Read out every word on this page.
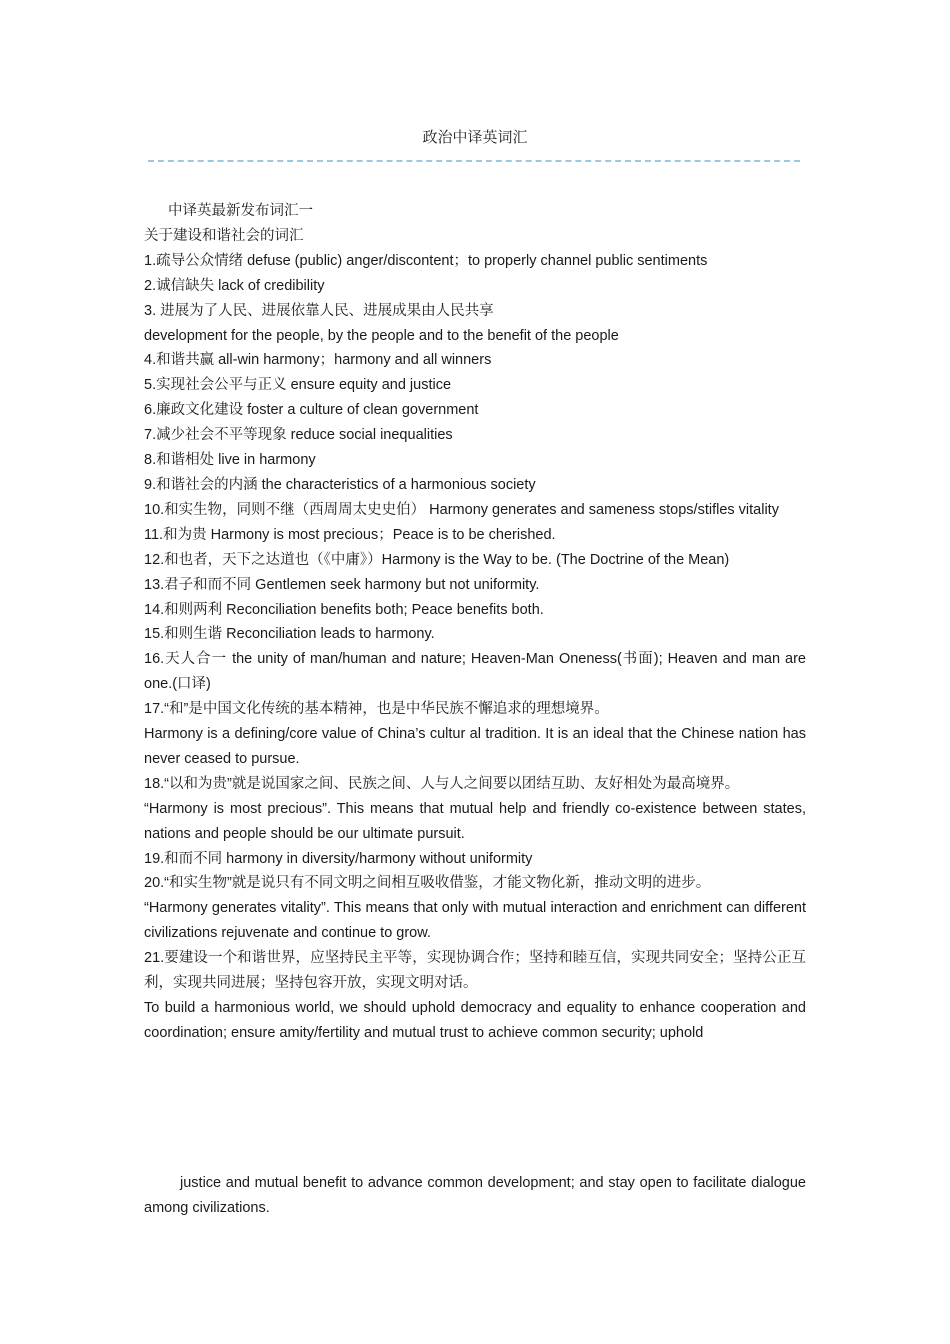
政治中译英词汇

中译英最新发布词汇一

关于建设和谐社会的词汇

1.疏导公众情绪 defuse (public) anger/discontent；to properly channel public sentiments

2.诚信缺失 lack of credibility

3. 进展为了人民、进展依靠人民、进展成果由人民共享

development for the people, by the people and to the benefit of the people

4.和谐共赢 all-win harmony；harmony and all winners

5.实现社会公平与正义 ensure equity and justice

6.廉政文化建设 foster a culture of clean government

7.减少社会不平等现象 reduce social inequalities

8.和谐相处 live in harmony

9.和谐社会的内涵 the characteristics of a harmonious society

10.和实生物，同则不继（西周周太史史伯） Harmony generates and sameness stops/stifles vitality

11.和为贵 Harmony is most precious；Peace is to be cherished.

12.和也者，天下之达道也（《中庸》）Harmony is the Way to be. (The Doctrine of the Mean)

13.君子和而不同 Gentlemen seek harmony but not uniformity.

14.和则两利 Reconciliation benefits both; Peace benefits both.

15.和则生谐 Reconciliation leads to harmony.

16.天人合一 the unity of man/human and nature; Heaven-Man Oneness(书面); Heaven and man are one.(口译)

17.“和”是中国文化传统的基本精神，也是中华民族不懈追求的理想境界。

Harmony is a defining/core value of China’s cultur al tradition. It is an ideal that the Chinese nation has never ceased to pursue.

18.“以和为贵”就是说国家之间、民族之间、人与人之间要以团结互助、友好相处为最高境界。

“Harmony is most precious”. This means that mutual help and friendly co-existence between states, nations and people should be our ultimate pursuit.

19.和而不同 harmony in diversity/harmony without uniformity

20.“和实生物”就是说只有不同文明之间相互吸收借鉴，才能文物化新，推动文明的进步。

“Harmony generates vitality”. This means that only with mutual interaction and enrichment can different civilizations rejuvenate and continue to grow.

21.要建设一个和谐世界，应坚持民主平等，实现协调合作；坚持和睦互信，实现共同安全；坚持公正互利，实现共同进展；坚持包容开放，实现文明对话。

To build a harmonious world, we should uphold democracy and equality to enhance cooperation and coordination; ensure amity/fertility and mutual trust to achieve common security; uphold

justice and mutual benefit to advance common development; and stay open to facilitate dialogue among civilizations.
